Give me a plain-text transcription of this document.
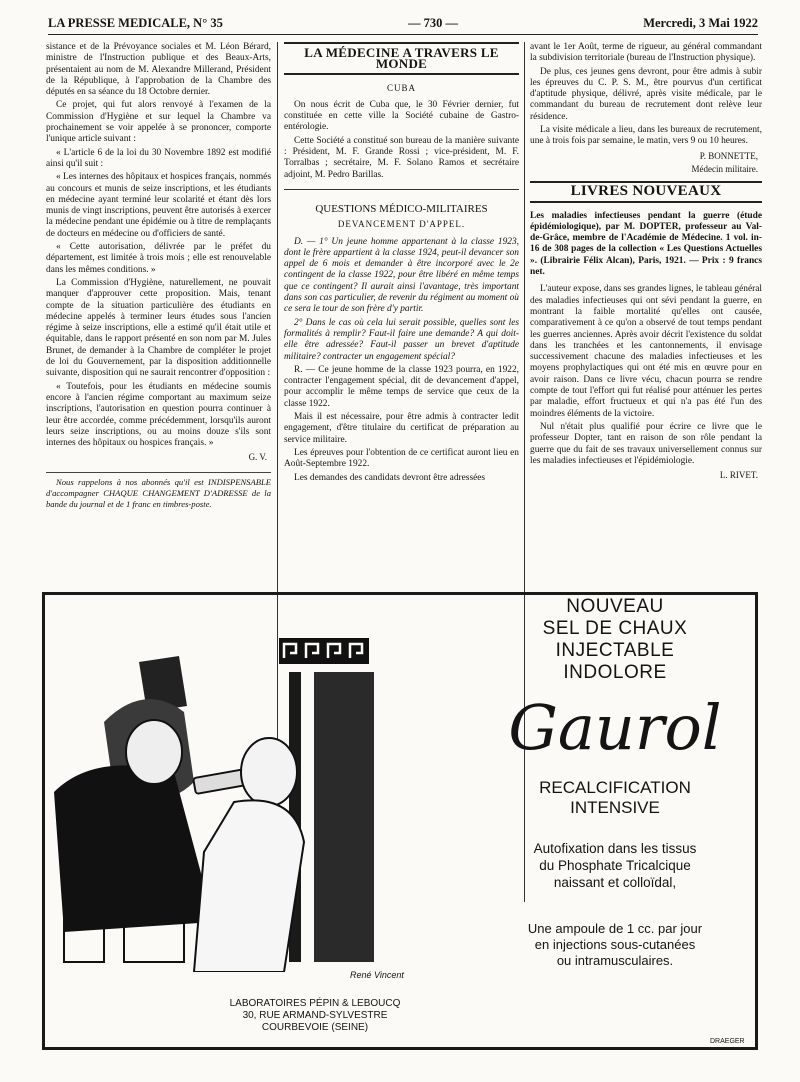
LA PRESSE MEDICALE, N° 35	— 730 —	Mercredi, 3 Mai 1922

sistance et de la Prévoyance sociales et M. Léon Bérard, ministre de l'Instruction publique et des Beaux-Arts, présentaient au nom de M. Alexandre Millerand, Président de la République, à l'approbation de la Chambre des députés en sa séance du 18 Octobre dernier.

Ce projet, qui fut alors renvoyé à l'examen de la Commission d'Hygiène et sur lequel la Chambre va prochainement se voir appelée à se prononcer, comporte l'unique article suivant :

« L'article 6 de la loi du 30 Novembre 1892 est modifié ainsi qu'il suit :

« Les internes des hôpitaux et hospices français, nommés au concours et munis de seize inscriptions, et les étudiants en médecine ayant terminé leur scolarité et étant dès lors munis de vingt inscriptions, peuvent être autorisés à exercer la médecine pendant une épidémie ou à titre de remplaçants de docteurs en médecine ou d'officiers de santé.

« Cette autorisation, délivrée par le préfet du département, est limitée à trois mois ; elle est renouvelable dans les mêmes conditions. »

La Commission d'Hygiène, naturellement, ne pouvait manquer d'approuver cette proposition. Mais, tenant compte de la situation particulière des étudiants en médecine appelés à terminer leurs études sous l'ancien régime à seize inscriptions, elle a estimé qu'il était utile et équitable, dans le rapport présenté en son nom par M. Jules Brunet, de demander à la Chambre de compléter le projet de loi du Gouvernement, par la disposition additionnelle suivante, disposition qui ne saurait rencontrer d'opposition :

« Toutefois, pour les étudiants en médecine soumis encore à l'ancien régime comportant au maximum seize inscriptions, l'autorisation en question pourra continuer à leur être accordée, comme précédemment, lorsqu'ils auront leurs seize inscriptions, ou au moins douze s'ils sont internes des hôpitaux ou hospices français. »

G. V.
Nous rappelons à nos abonnés qu'il est INDISPENSABLE d'accompagner CHAQUE CHANGEMENT D'ADRESSE de la bande du journal et de 1 franc en timbres-poste.
LA MÉDECINE A TRAVERS LE MONDE
CUBA

On nous écrit de Cuba que, le 30 Février dernier, fut constituée en cette ville la Société cubaine de Gastro-entérologie.

Cette Société a constitué son bureau de la manière suivante : Président, M. F. Grande Rossi ; vice-président, M. F. Torralbas ; secrétaire, M. F. Solano Ramos et secrétaire adjoint, M. Pedro Barillas.

QUESTIONS MÉDICO-MILITAIRES
DEVANCEMENT D'APPEL.

D. — 1° Un jeune homme appartenant à la classe 1923, dont le frère appartient à la classe 1924, peut-il devancer son appel de 6 mois et demander à être incorporé avec le 2e contingent de la classe 1922, pour être libéré en même temps que ce contingent? Il aurait ainsi l'avantage, très important dans son cas particulier, de revenir du régiment au moment où ce sera le tour de son frère d'y partir.

2° Dans le cas où cela lui serait possible, quelles sont les formalités à remplir? Faut-il faire une demande? A qui doit-elle être adressée? Faut-il passer un brevet d'aptitude militaire? contracter un engagement spécial?

R. — Ce jeune homme de la classe 1923 pourra, en 1922, contracter l'engagement spécial, dit de devancement d'appel, pour accomplir le même temps de service que ceux de la classe 1922.

Mais il est nécessaire, pour être admis à contracter ledit engagement, d'être titulaire du certificat de préparation au service militaire.

Les épreuves pour l'obtention de ce certificat auront lieu en Août-Septembre 1922.

Les demandes des candidats devront être adressées

avant le 1er Août, terme de rigueur, au général commandant la subdivision territoriale (bureau de l'Instruction physique).

De plus, ces jeunes gens devront, pour être admis à subir les épreuves du C. P. S. M., être pourvus d'un certificat d'aptitude physique, délivré, après visite médicale, par le commandant du bureau de recrutement dont relève leur résidence.

La visite médicale a lieu, dans les bureaux de recrutement, une à trois fois par semaine, le matin, vers 9 ou 10 heures.

P. BONNETTE,
Médecin militaire.
LIVRES NOUVEAUX

Les maladies infectieuses pendant la guerre (étude épidémiologique), par M. DOPTER, professeur au Val-de-Grâce, membre de l'Académie de Médecine. 1 vol. in-16 de 308 pages de la collection « Les Questions Actuelles ». (Librairie Félix Alcan), Paris, 1921. — Prix : 9 francs net.

L'auteur expose, dans ses grandes lignes, le tableau général des maladies infectieuses qui ont sévi pendant la guerre, en montrant la faible mortalité qu'elles ont causée, comparativement à ce qu'on a observé de tout temps pendant les guerres anciennes. Après avoir décrit l'existence du soldat dans les tranchées et les cantonnements, il envisage successivement chacune des maladies infectieuses et les moyens prophylactiques qui ont été mis en œuvre pour en avoir raison. Dans ce livre vécu, chacun pourra se rendre compte de tout l'effort qui fut réalisé pour atténuer les pertes par maladie, effort fructueux et qui n'a pas été l'un des moindres éléments de la victoire.

Nul n'était plus qualifié pour écrire ce livre que le professeur Dopter, tant en raison de son rôle pendant la guerre que du fait de ses travaux universellement connus sur les maladies infectieuses et l'épidémiologie.

L. RIVET.
René Vincent
NOUVEAU
SEL DE CHAUX
INJECTABLE
INDOLORE
Gaurol
RECALCIFICATION
INTENSIVE
Autofixation dans les tissus
du Phosphate Tricalcique
naissant et colloïdal,
Une ampoule de 1 cc. par jour
en injections sous-cutanées
ou intramusculaires.
LABORATOIRES PÉPIN & LEBOUCQ
30, RUE ARMAND-SYLVESTRE
COURBEVOIE (SEINE)
DRAEGER
